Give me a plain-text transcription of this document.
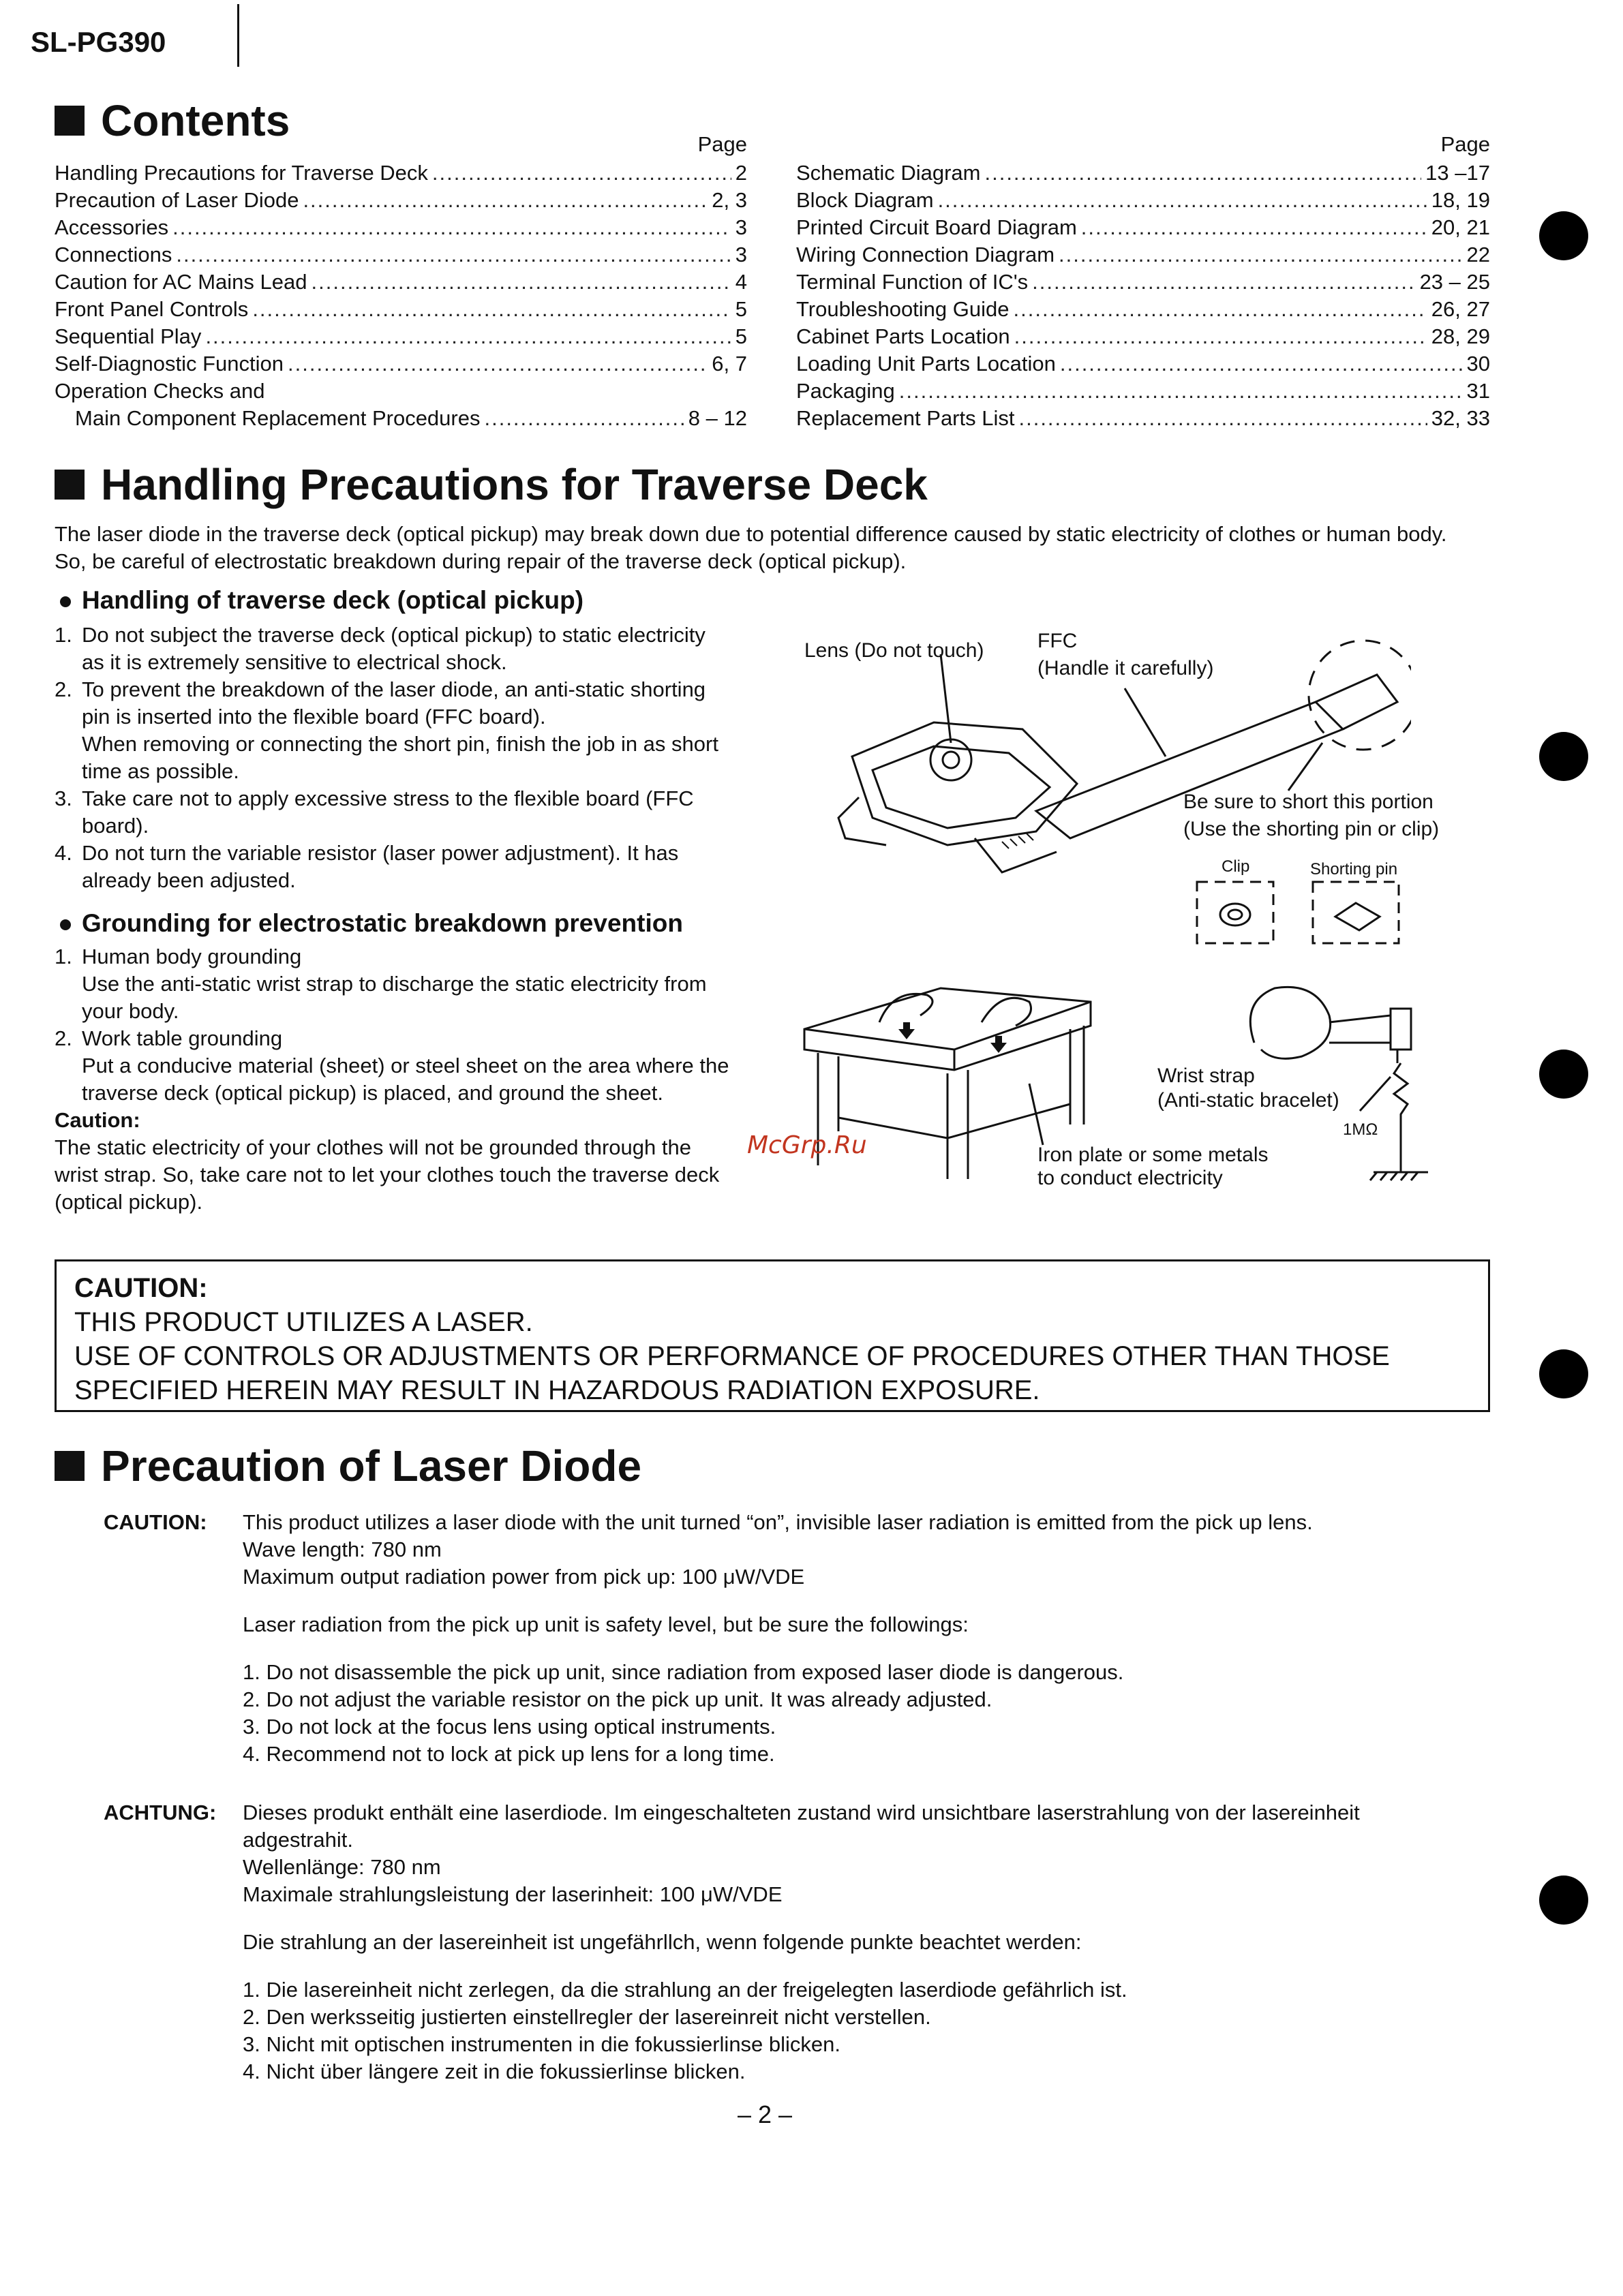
SL-PG390
Contents	Page
Handling Precautions for Traverse Deck .....	2
Precaution of Laser Diode .....	2, 3
Accessories .....	3
Connections .....	3
Caution for AC Mains Lead .....	4
Front Panel Controls .....	5
Sequential Play .....	5
Self-Diagnostic Function .....	6, 7
Operation Checks and
Main Component Replacement Procedures .....	8 – 12
Page
Schematic Diagram .....	13 –17
Block Diagram .....	18, 19
Printed Circuit Board Diagram .....	20, 21
Wiring Connection Diagram .....	22
Terminal Function of IC's .....	23 – 25
Troubleshooting Guide .....	26, 27
Cabinet Parts Location .....	28, 29
Loading Unit Parts Location .....	30
Packaging .....	31
Replacement Parts List .....	32, 33
Handling Precautions for Traverse Deck
The laser diode in the traverse deck (optical pickup) may break down due to potential difference caused by static electricity of clothes or human body.
So, be careful of electrostatic breakdown during repair of the traverse deck (optical pickup).
Handling of traverse deck (optical pickup)
1. Do not subject the traverse deck (optical pickup) to static electricity
as it is extremely sensitive to electrical shock.
2. To prevent the breakdown of the laser diode, an anti-static shorting
pin is inserted into the flexible board (FFC board).
When removing or connecting the short pin, finish the job in as short
time as possible.
3. Take care not to apply excessive stress to the flexible board (FFC
board).
4. Do not turn the variable resistor (laser power adjustment). It has
already been adjusted.
Grounding for electrostatic breakdown prevention
1. Human body grounding
Use the anti-static wrist strap to discharge the static electricity from
your body.
2. Work table grounding
Put a conducive material (sheet) or steel sheet on the area where the
traverse deck (optical pickup) is placed, and ground the sheet.
Caution:
The static electricity of your clothes will not be grounded through the
wrist strap. So, take care not to let your clothes touch the traverse deck
(optical pickup).
Lens (Do not touch)	FFC
(Handle it carefully)
Be sure to short this portion
(Use the shorting pin or clip)
Clip	Shorting pin
Wrist strap
(Anti-static bracelet)
1MΩ
Iron plate or some metals
to conduct electricity
McGrp.Ru
CAUTION:
THIS PRODUCT UTILIZES A LASER.
USE OF CONTROLS OR ADJUSTMENTS OR PERFORMANCE OF PROCEDURES OTHER THAN THOSE
SPECIFIED HEREIN MAY RESULT IN HAZARDOUS RADIATION EXPOSURE.
Precaution of Laser Diode
CAUTION:	This product utilizes a laser diode with the unit turned “on”, invisible laser radiation is emitted from the pick up lens.
Wave length: 780 nm
Maximum output radiation power from pick up: 100 μW/VDE
Laser radiation from the pick up unit is safety level, but be sure the followings:
1. Do not disassemble the pick up unit, since radiation from exposed laser diode is dangerous.
2. Do not adjust the variable resistor on the pick up unit. It was already adjusted.
3. Do not lock at the focus lens using optical instruments.
4. Recommend not to lock at pick up lens for a long time.
ACHTUNG:	Dieses produkt enthält eine laserdiode. Im eingeschalteten zustand wird unsichtbare laserstrahlung von der lasereinheit
adgestrahit.
Wellenlänge: 780 nm
Maximale strahlungsleistung der laserinheit: 100 μW/VDE
Die strahlung an der lasereinheit ist ungefährllch, wenn folgende punkte beachtet werden:
1. Die lasereinheit nicht zerlegen, da die strahlung an der freigelegten laserdiode gefährlich ist.
2. Den werksseitig justierten einstellregler der lasereinreit nicht verstellen.
3. Nicht mit optischen instrumenten in die fokussierlinse blicken.
4. Nicht über längere zeit in die fokussierlinse blicken.
– 2 –
